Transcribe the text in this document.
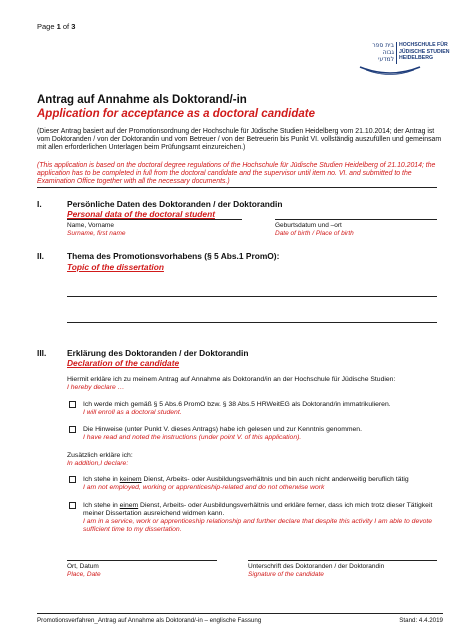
Page 1 of 3
בית ספר
גבוה
למדעי
HOCHSCHULE FÜR
JÜDISCHE STUDIEN
HEIDELBERG
Antrag auf Annahme als Doktorand/-in
Application for acceptance as a doctoral candidate
(Dieser Antrag basiert auf der Promotionsordnung der Hochschule für Jüdische Studien Heidelberg vom 21.10.2014; der Antrag ist vom Doktoranden / von der Doktorandin und vom Betreuer / von der Betreuerin bis Punkt VI. vollständig auszufüllen und gemeinsam mit allen erforderlichen Unterlagen beim Prüfungsamt einzureichen.)
(This application is based on the doctoral degree regulations of the Hochschule für Jüdische Studien Heidelberg of 21.10.2014; the application has to be completed in full from the doctoral candidate and the supervisor until item no. VI. and submitted to the Examination Office together with all the necessary documents.)
I.	Persönliche Daten des Doktoranden / der Doktorandin
Personal data of the doctoral student
Name, Vorname
Surname, first name
Geburtsdatum und –ort
Date of birth / Place of birth
II.	Thema des Promotionsvorhabens (§ 5 Abs.1 PromO):
Topic of the dissertation
III. Erklärung des Doktoranden / der Doktorandin
Declaration of the candidate
Hiermit erkläre ich zu meinem Antrag auf Annahme als Doktorand/in an der Hochschule für Jüdische Studien:
I hereby declare …
Ich werde mich gemäß § 5 Abs.6 PromO bzw. § 38 Abs.5 HRWeitEG als Doktorand/in immatrikulieren.
I will enroll as a doctoral student.
Die Hinweise (unter Punkt V. dieses Antrags) habe ich gelesen und zur Kenntnis genommen.
I have read and noted the instructions (under point V. of this application).
Zusätzlich erkläre ich:
In addition,I declare:
Ich stehe in keinem Dienst, Arbeits- oder Ausbildungsverhältnis und bin auch nicht anderweitig beruflich tätig
I am not employed, working or apprenticeship-related and do not otherwise work
Ich stehe in einem Dienst, Arbeits- oder Ausbildungsverhältnis und erkläre ferner, dass ich mich trotz dieser Tätigkeit meiner Dissertation ausreichend widmen kann.
I am in a service, work or apprenticeship relationship and further declare that despite this activity I am able to devote sufficient time to my dissertation.
Ort, Datum
Place, Date
Unterschrift des Doktoranden / der Doktorandin
Signature of the candidate
Promotionsverfahren_Antrag auf Annahme als Doktorand/-in – englische Fassung	Stand: 4.4.2019
